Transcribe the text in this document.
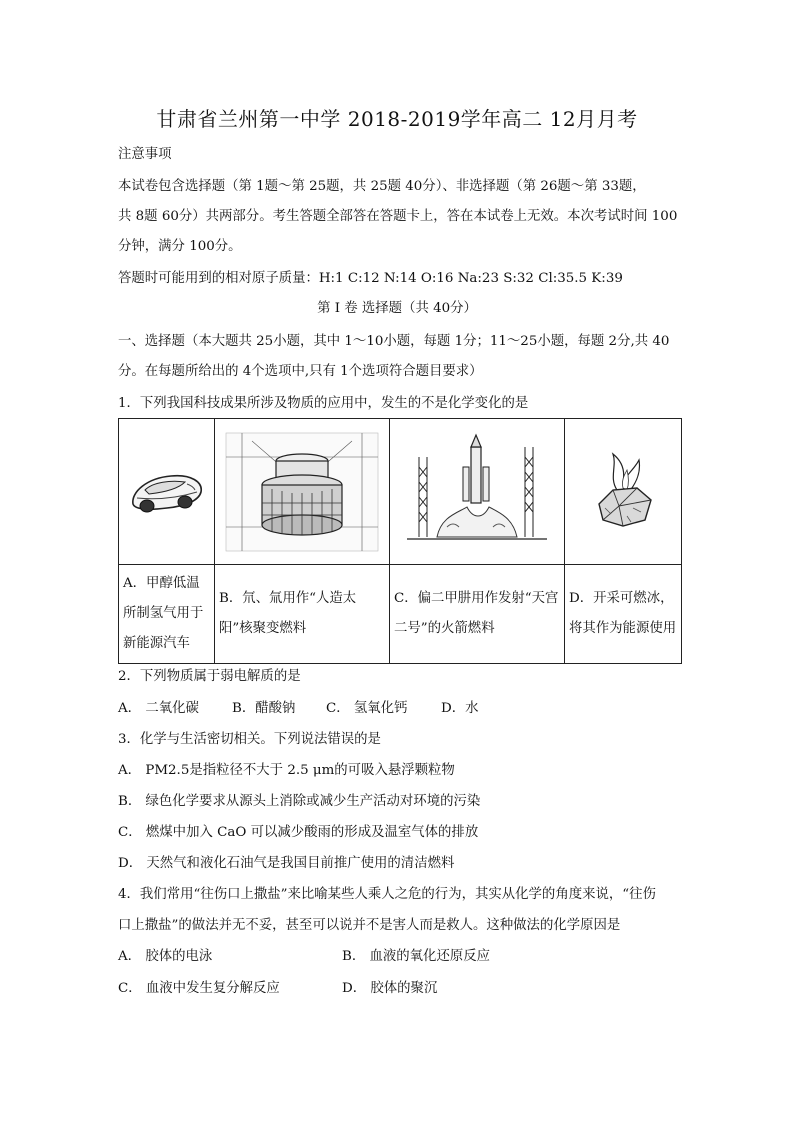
甘肃省兰州第一中学 2018-2019学年高二 12月月考
注意事项
本试卷包含选择题（第 1题～第 25题，共 25题 40分）、非选择题（第 26题～第 33题，
共 8题 60分）共两部分。考生答题全部答在答题卡上，答在本试卷上无效。本次考试时间 100
分钟，满分 100分。
答题时可能用到的相对原子质量：H:1 C:12 N:14 O:16 Na:23 S:32 Cl:35.5 K:39
第 I 卷 选择题（共 40分）
一、选择题（本大题共 25小题，其中 1～10小题，每题 1分；11～25小题，每题 2分,共 40
分。在每题所给出的 4个选项中,只有 1个选项符合题目要求）
1．下列我国科技成果所涉及物质的应用中，发生的不是化学变化的是

A．甲醇低温所制氢气用于新能源汽车	B．氘、氚用作“人造太阳”核聚变燃料	C．偏二甲肼用作发射“天宫二号”的火箭燃料	D．开采可燃冰，将其作为能源使用
2．下列物质属于弱电解质的是
A． 二氧化碳 B．醋酸钠 C． 氢氧化钙	D．水
3．化学与生活密切相关。下列说法错误的是
A． PM2.5是指粒径不大于 2.5 μm的可吸入悬浮颗粒物
B． 绿色化学要求从源头上消除或减少生产活动对环境的污染
C． 燃煤中加入 CaO 可以减少酸雨的形成及温室气体的排放
D． 天然气和液化石油气是我国目前推广使用的清洁燃料
4．我们常用“往伤口上撒盐”来比喻某些人乘人之危的行为，其实从化学的角度来说，“往伤
口上撒盐”的做法并无不妥，甚至可以说并不是害人而是救人。这种做法的化学原因是
A． 胶体的电泳	B． 血液的氧化还原反应
C． 血液中发生复分解反应	D． 胶体的聚沉
